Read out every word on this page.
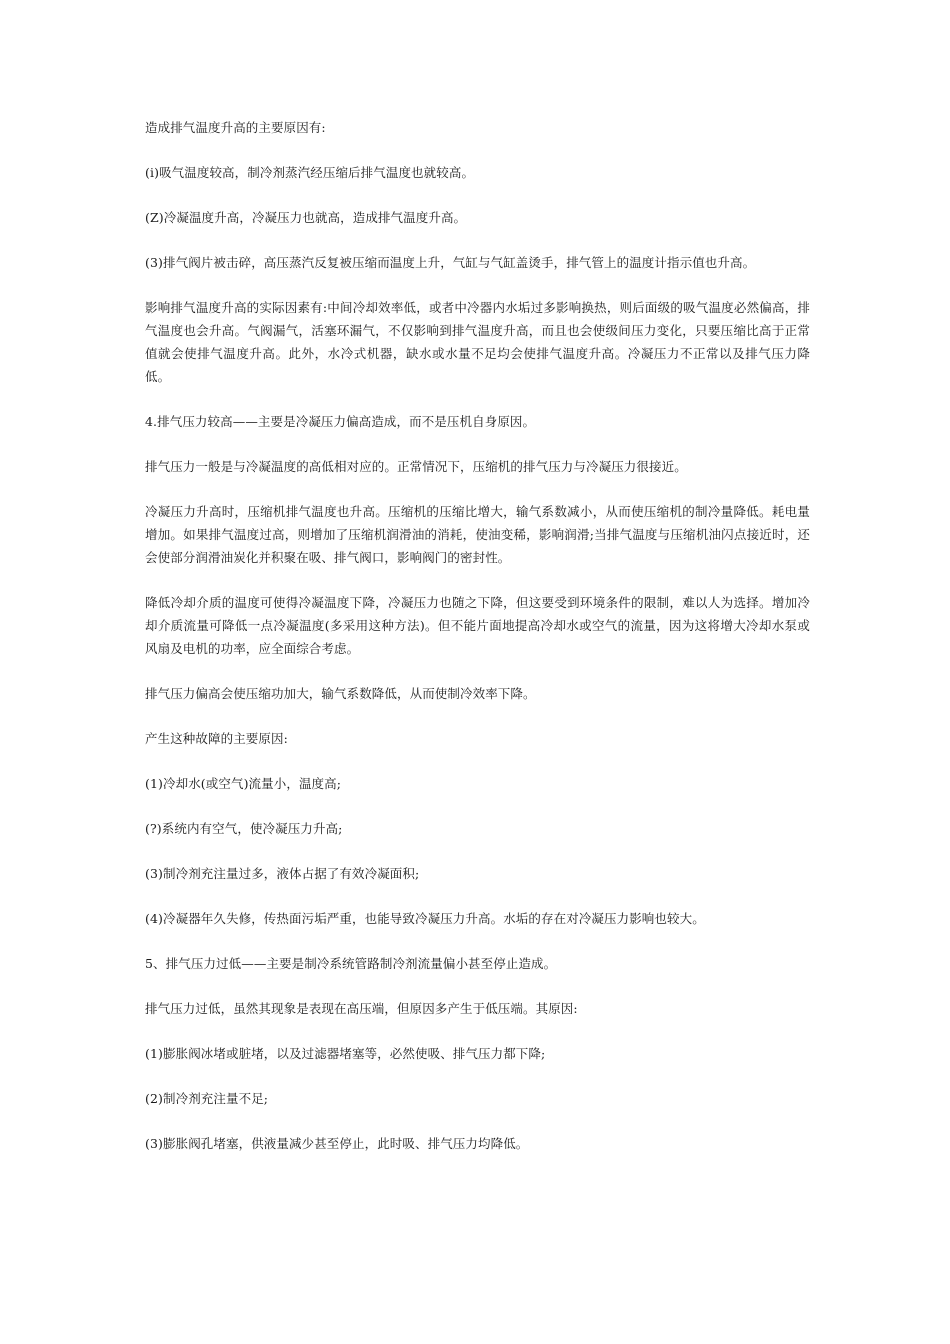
造成排气温度升高的主要原因有:

(i)吸气温度较高，制冷剂蒸汽经压缩后排气温度也就较高。

(Z)冷凝温度升高，冷凝压力也就高，造成排气温度升高。

(3)排气阀片被击碎，高压蒸汽反复被压缩而温度上升，气缸与气缸盖烫手，排气管上的温度计指示值也升高。

影响排气温度升高的实际因素有:中间冷却效率低，或者中冷器内水垢过多影响换热，则后面级的吸气温度必然偏高，排气温度也会升高。气阀漏气，活塞环漏气，不仅影响到排气温度升高，而且也会使级间压力变化，只要压缩比高于正常值就会使排气温度升高。此外，水冷式机器，缺水或水量不足均会使排气温度升高。冷凝压力不正常以及排气压力降低。

4.排气压力较高——主要是冷凝压力偏高造成，而不是压机自身原因。

排气压力一般是与冷凝温度的高低相对应的。正常情况下，压缩机的排气压力与冷凝压力很接近。

冷凝压力升高时，压缩机排气温度也升高。压缩机的压缩比增大，输气系数减小，从而使压缩机的制冷量降低。耗电量增加。如果排气温度过高，则增加了压缩机润滑油的消耗，使油变稀，影响润滑;当排气温度与压缩机油闪点接近时，还会使部分润滑油炭化并积聚在吸、排气阀口，影响阀门的密封性。

降低冷却介质的温度可使得冷凝温度下降，冷凝压力也随之下降，但这要受到环境条件的限制，难以人为选择。增加冷却介质流量可降低一点冷凝温度(多采用这种方法)。但不能片面地提高冷却水或空气的流量，因为这将增大冷却水泵或风扇及电机的功率，应全面综合考虑。

排气压力偏高会使压缩功加大，输气系数降低，从而使制冷效率下降。

产生这种故障的主要原因:

(1)冷却水(或空气)流量小，温度高;

(?)系统内有空气，使冷凝压力升高;

(3)制冷剂充注量过多，液体占据了有效冷凝面积;

(4)冷凝器年久失修，传热面污垢严重，也能导致冷凝压力升高。水垢的存在对冷凝压力影响也较大。

5、排气压力过低——主要是制冷系统管路制冷剂流量偏小甚至停止造成。

排气压力过低，虽然其现象是表现在高压端，但原因多产生于低压端。其原因:

(1)膨胀阀冰堵或脏堵，以及过滤器堵塞等，必然使吸、排气压力都下降;

(2)制冷剂充注量不足;

(3)膨胀阀孔堵塞，供液量减少甚至停止，此时吸、排气压力均降低。
